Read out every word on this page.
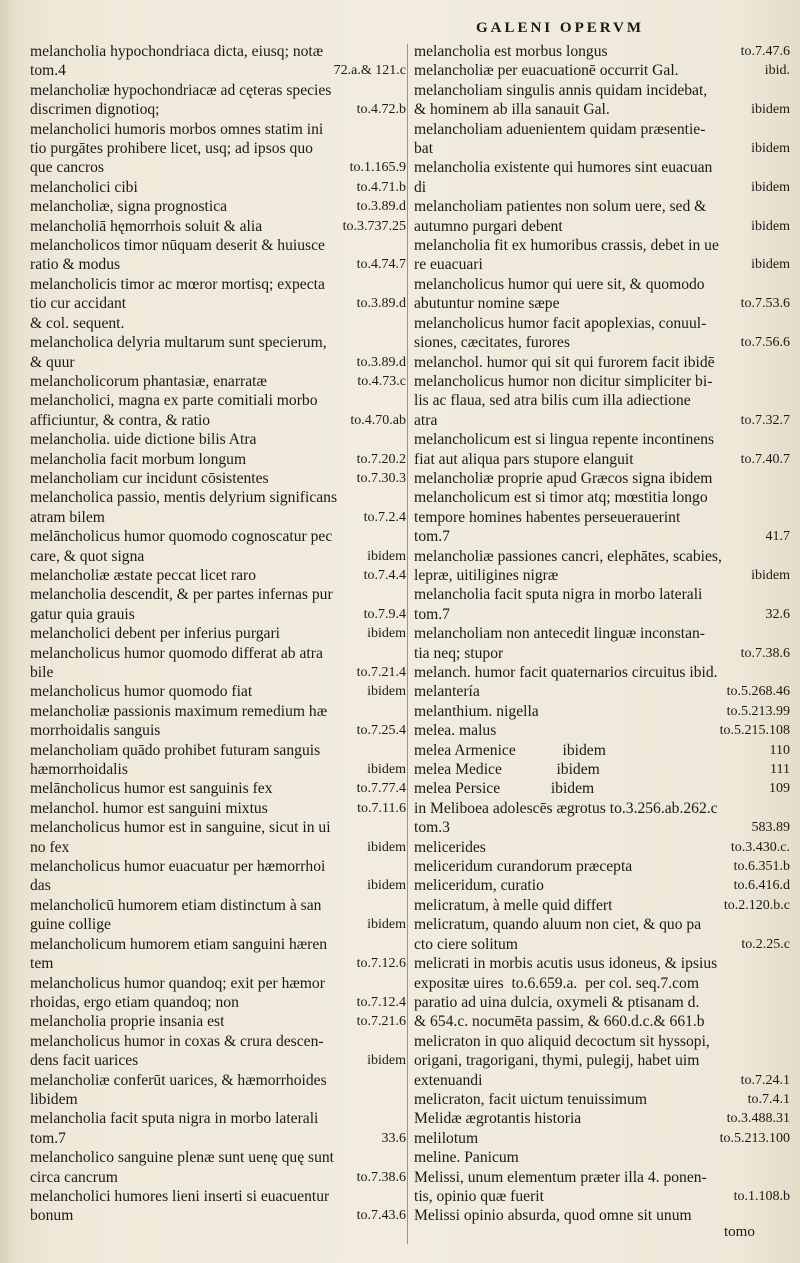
GALENI OPERVM
melancholia hypochondriaca dicta, eiusq; notæ
tom.4	72.a.& 121.c
melancholiæ hypochondriacæ ad cęteras species
discrimen dignotioq;	to.4.72.b
melancholici humoris morbos omnes statim ini
tio purgātes prohibere licet, usq; ad ipsos quo
que cancros	to.1.165.9
melancholici cibi	to.4.71.b
melancholiæ, signa prognostica	to.3.89.d
melancholiā hęmorrhois soluit & alia	to.3.737.25
melancholicos timor nūquam deserit & huiusce
ratio & modus	to.4.74.7
melancholicis timor ac mœror mortisq; expecta
tio cur accidant	to.3.89.d
& col. sequent.
melancholica delyria multarum sunt specierum,
& quur	to.3.89.d
melancholicorum phantasiæ, enarratæ	to.4.73.c
melancholici, magna ex parte comitiali morbo
afficiuntur, & contra, & ratio	to.4.70.ab
melancholia. uide dictione bilis Atra
melancholia facit morbum longum	to.7.20.2
melancholiam cur incidunt cōsistentes	to.7.30.3
melancholica passio, mentis delyrium significans
atram bilem	to.7.2.4
melāncholicus humor quomodo cognoscatur pec
care, & quot signa	ibidem
melancholiæ æstate peccat licet raro	to.7.4.4
melancholia descendit, & per partes infernas pur
gatur quia grauis	to.7.9.4
melancholici debent per inferius purgari	ibidem
melancholicus humor quomodo differat ab atra
bile	to.7.21.4
melancholicus humor quomodo fiat	ibidem
melancholiæ passionis maximum remedium hæ
morrhoidalis sanguis	to.7.25.4
melancholiam quādo prohibet futuram sanguis
hæmorrhoidalis	ibidem
melāncholicus humor est sanguinis fex	to.7.77.4
melanchol. humor est sanguini mixtus	to.7.11.6
melancholicus humor est in sanguine, sicut in ui
no fex	ibidem
melancholicus humor euacuatur per hæmorrhoi
das	ibidem
melancholicū humorem etiam distinctum à san
guine collige	ibidem
melancholicum humorem etiam sanguini hæren
tem	to.7.12.6
melancholicus humor quandoq; exit per hæmor
rhoidas, ergo etiam quandoq; non	to.7.12.4
melancholia proprie insania est	to.7.21.6
melancholicus humor in coxas & crura descen-
dens facit uarices	ibidem
melancholiæ conferūt uarices, & hæmorrhoides
libidem
melancholia facit sputa nigra in morbo laterali
tom.7	33.6
melancholico sanguine plenæ sunt uenę quę sunt
circa cancrum	to.7.38.6
melancholici humores lieni inserti si euacuentur
bonum	to.7.43.6
melancholia est morbus longus	to.7.47.6
melancholiæ per euacuationē occurrit Gal.	ibid.
melancholiam singulis annis quidam incidebat,
& hominem ab illa sanauit Gal.	ibidem
melancholiam aduenientem quidam præsentie-
bat	ibidem
melancholia existente qui humores sint euacuan
di	ibidem
melancholiam patientes non solum uere, sed &
autumno purgari debent	ibidem
melancholia fit ex humoribus crassis, debet in ue
re euacuari	ibidem
melancholicus humor qui uere sit, & quomodo
abutuntur nomine sæpe	to.7.53.6
melancholicus humor facit apoplexias, conuul-
siones, cæcitates, furores	to.7.56.6
melanchol. humor qui sit qui furorem facit ibidē
melancholicus humor non dicitur simpliciter bi-
lis ac flaua, sed atra bilis cum illa adiectione
atra	to.7.32.7
melancholicum est si lingua repente incontinens
fiat aut aliqua pars stupore elanguit	to.7.40.7
melancholiæ proprie apud Græcos signa ibidem
melancholicum est si timor atq; mœstitia longo
tempore homines habentes perseuerauerint
tom.7	41.7
melancholiæ passiones cancri, elephātes, scabies,
lepræ, uitiligines nigræ	ibidem
melancholia facit sputa nigra in morbo laterali
tom.7	32.6
melancholiam non antecedit linguæ inconstan-
tia neq; stupor	to.7.38.6
melanch. humor facit quaternarios circuitus ibid.
melantería	to.5.268.46
melanthium. nigella	to.5.213.99
melea. malus	to.5.215.108
melea Armenice            ibidem	110
melea Medice              ibidem	111
melea Persice             ibidem	109
in Meliboea adolescēs ægrotus to.3.256.ab.262.c
tom.3	583.89
melicerides	to.3.430.c.
meliceridum curandorum præcepta	to.6.351.b
meliceridum, curatio	to.6.416.d
melicratum, à melle quid differt	to.2.120.b.c
melicratum, quando aluum non ciet, & quo pa
cto ciere solitum	to.2.25.c
melicrati in morbis acutis usus idoneus, & ipsius
expositæ uires  to.6.659.a.  per col. seq.7.com
paratio ad uina dulcia, oxymeli & ptisanam d.
& 654.c. nocumēta passim, & 660.d.c.& 661.b
melicraton in quo aliquid decoctum sit hyssopi,
origani, tragorigani, thymi, pulegij, habet uim
extenuandi	to.7.24.1
melicraton, facit uictum tenuissimum	to.7.4.1
Melidæ ægrotantis historia	to.3.488.31
melilotum	to.5.213.100
meline. Panicum
Melissi, unum elementum præter illa 4. ponen-
tis, opinio quæ fuerit	to.1.108.b
Melissi opinio absurda, quod omne sit unum
tomo
